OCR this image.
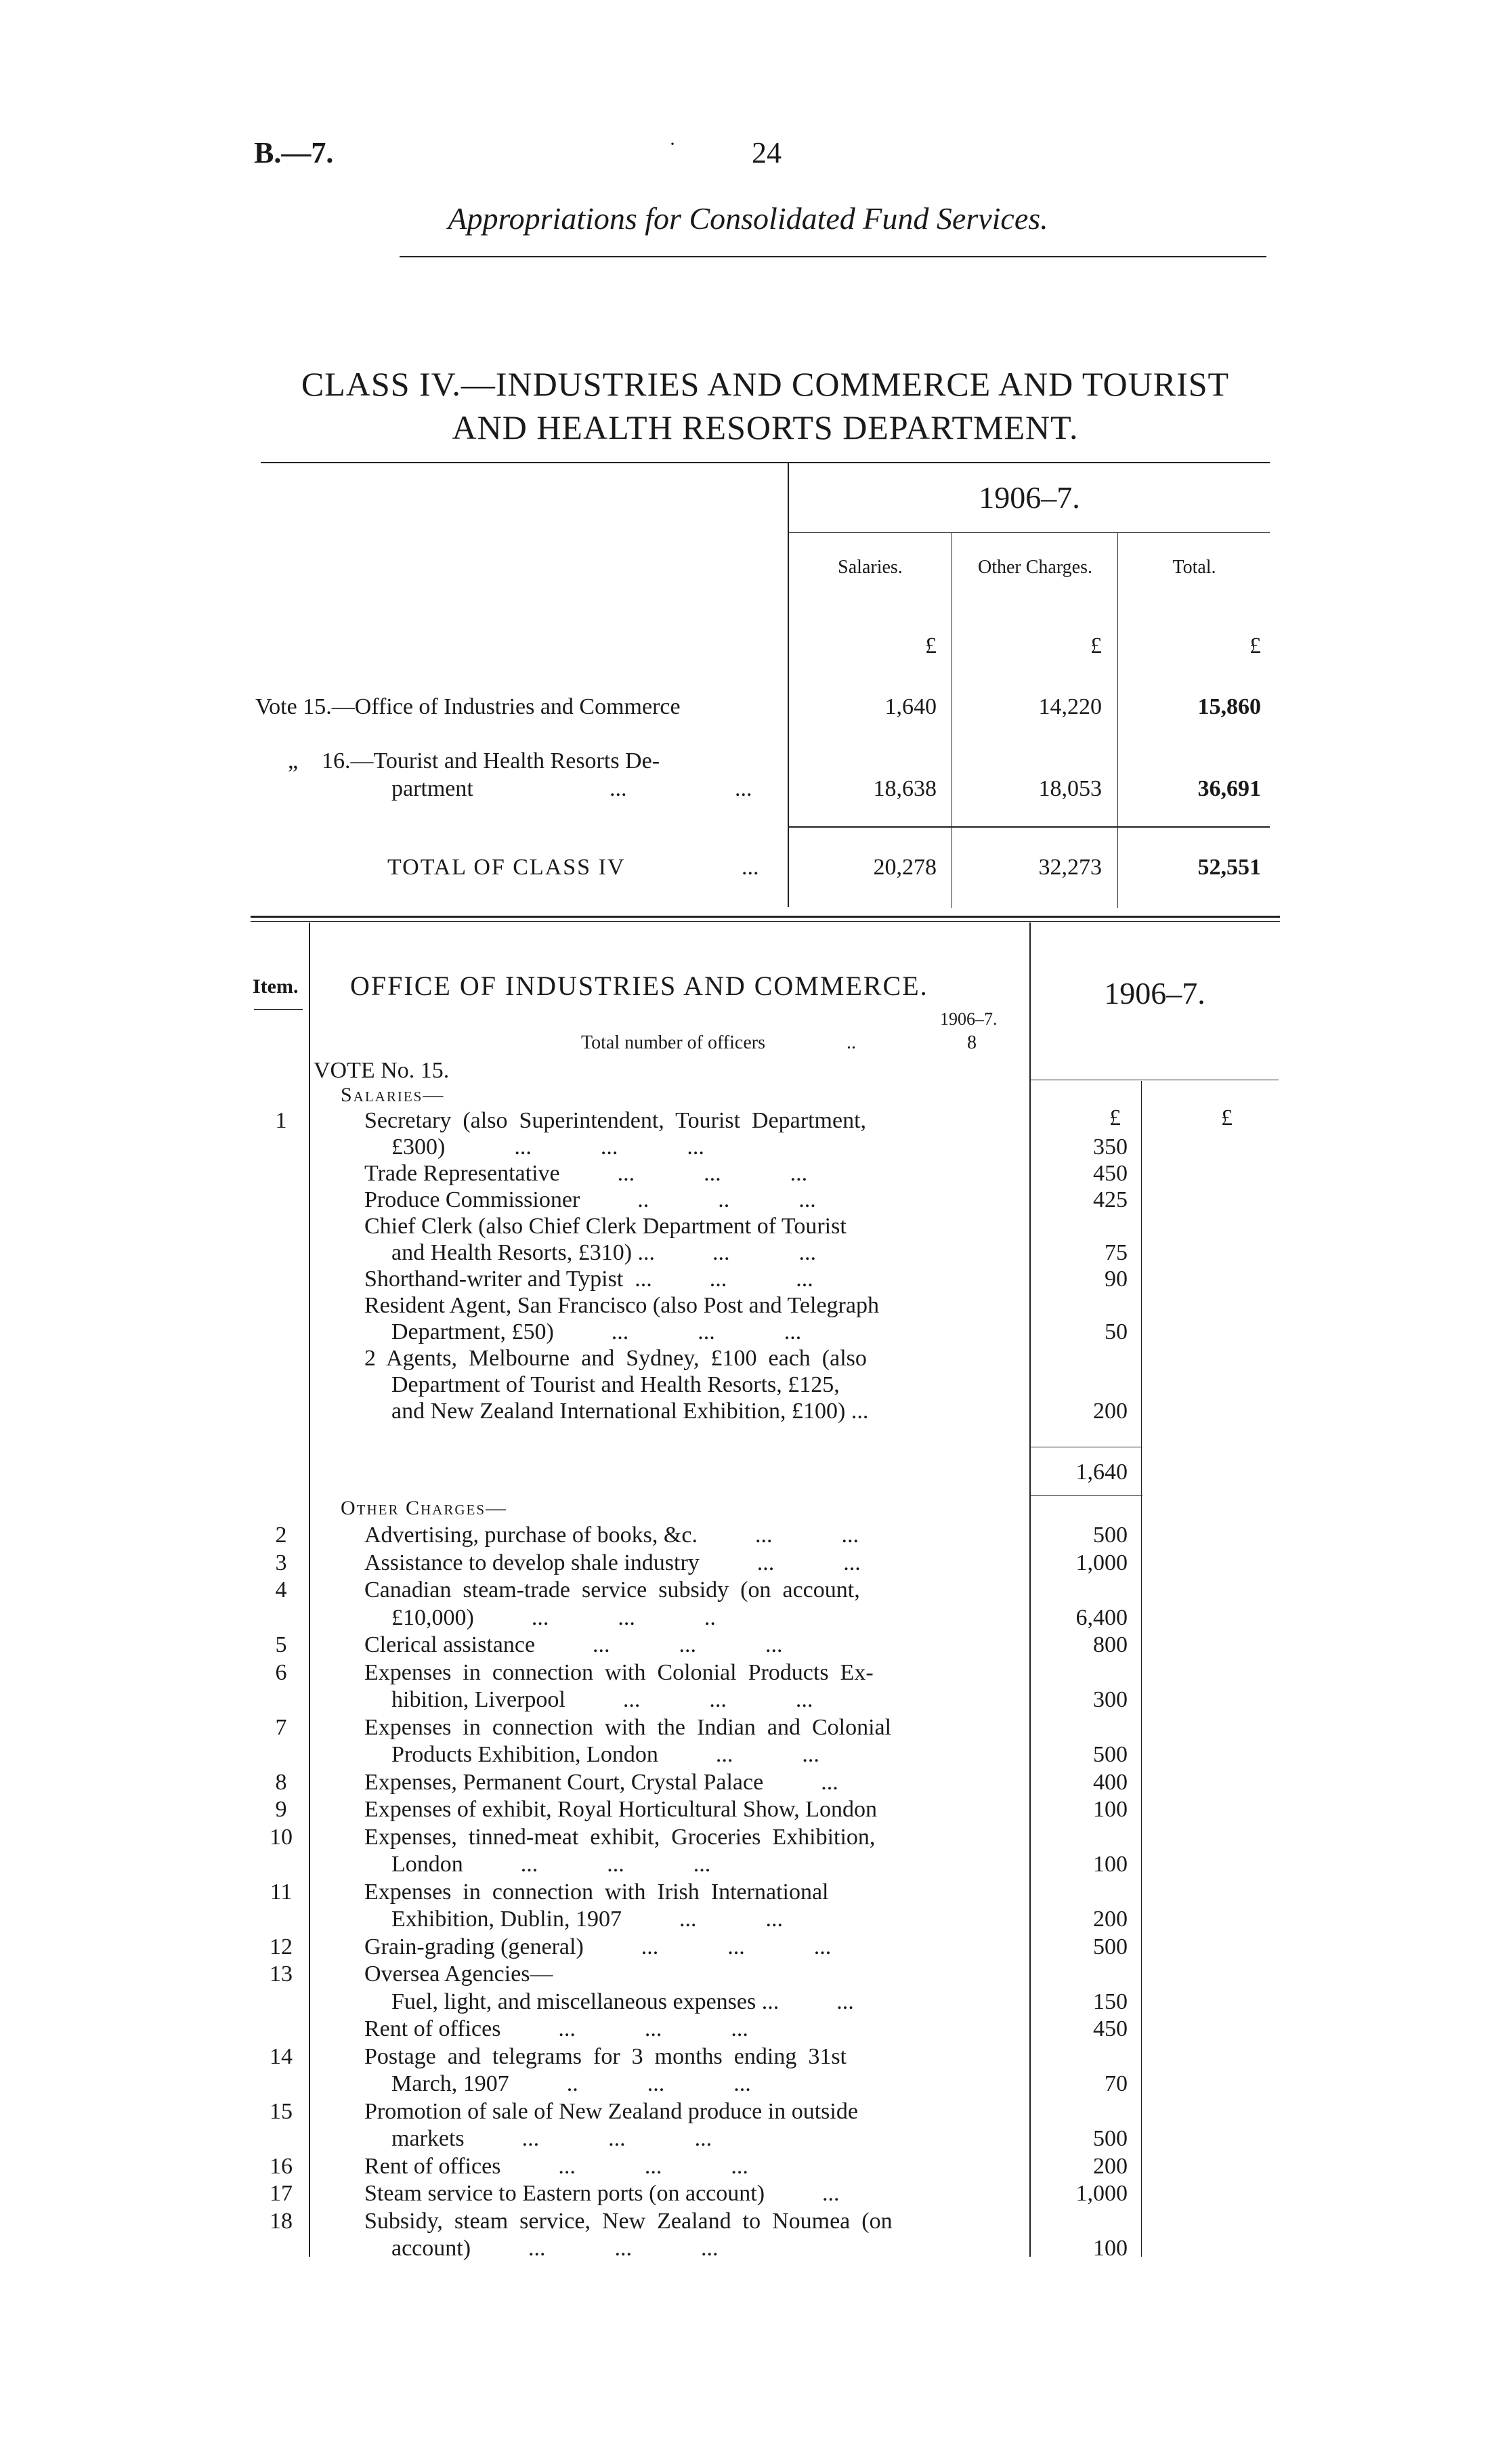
B.—7.	·	24
Appropriations for Consolidated Fund Services.
CLASS IV.—INDUSTRIES AND COMMERCE AND TOURIST
AND HEALTH RESORTS DEPARTMENT.
1906–7.
Salaries.	Other Charges.	Total.
£	£	£
Vote 15.—Office of Industries and Commerce	1,640	14,220	15,860
„ 16.—Tourist and Health Resorts De-
partment	...	...	18,638	18,053	36,691
TOTAL OF CLASS IV	...	20,278	32,273	52,551
Item. OFFICE OF INDUSTRIES AND COMMERCE.	1906–7.
1906–7.
Total number of officers	..	8
VOTE No. 15.
Salaries—
£	£
1	Secretary  (also  Superintendent,  Tourist  Department,
£300)            ...            ...            ...	350
Trade Representative          ...            ...            ...	450
Produce Commissioner          ..            ..            ...	425
Chief Clerk (also Chief Clerk Department of Tourist
and Health Resorts, £310) ...          ...            ...	75
Shorthand-writer and Typist  ...          ...            ...	90
Resident Agent, San Francisco (also Post and Telegraph
Department, £50)          ...            ...            ...	50
2  Agents,  Melbourne  and  Sydney,  £100  each  (also
Department of Tourist and Health Resorts, £125,
and New Zealand International Exhibition, £100) ...	200
1,640
Other Charges—
2	Advertising, purchase of books, &c.          ...            ...	500
3	Assistance to develop shale industry          ...            ...	1,000
4	Canadian  steam-trade  service  subsidy  (on  account,
£10,000)          ...            ...            ..	6,400
5	Clerical assistance          ...            ...            ...	800
6	Expenses  in  connection  with  Colonial  Products  Ex-
hibition, Liverpool          ...            ...            ...	300
7	Expenses  in  connection  with  the  Indian  and  Colonial
Products Exhibition, London          ...            ...	500
8	Expenses, Permanent Court, Crystal Palace          ...	400
9	Expenses of exhibit, Royal Horticultural Show, London	100
10	Expenses,  tinned-meat  exhibit,  Groceries  Exhibition,
London          ...            ...            ...	100
11	Expenses  in  connection  with  Irish  International
Exhibition, Dublin, 1907          ...            ...	200
12	Grain-grading (general)          ...            ...            ...	500
13	Oversea Agencies—
Fuel, light, and miscellaneous expenses ...          ...	150
Rent of offices          ...            ...            ...	450
14	Postage  and  telegrams  for  3  months  ending  31st
March, 1907          ..            ...            ...	70
15	Promotion of sale of New Zealand produce in outside
markets          ...            ...            ...	500
16	Rent of offices          ...            ...            ...	200
17	Steam service to Eastern ports (on account)          ...	1,000
18	Subsidy,  steam  service,  New  Zealand  to  Noumea  (on
account)          ...            ...            ...	100
